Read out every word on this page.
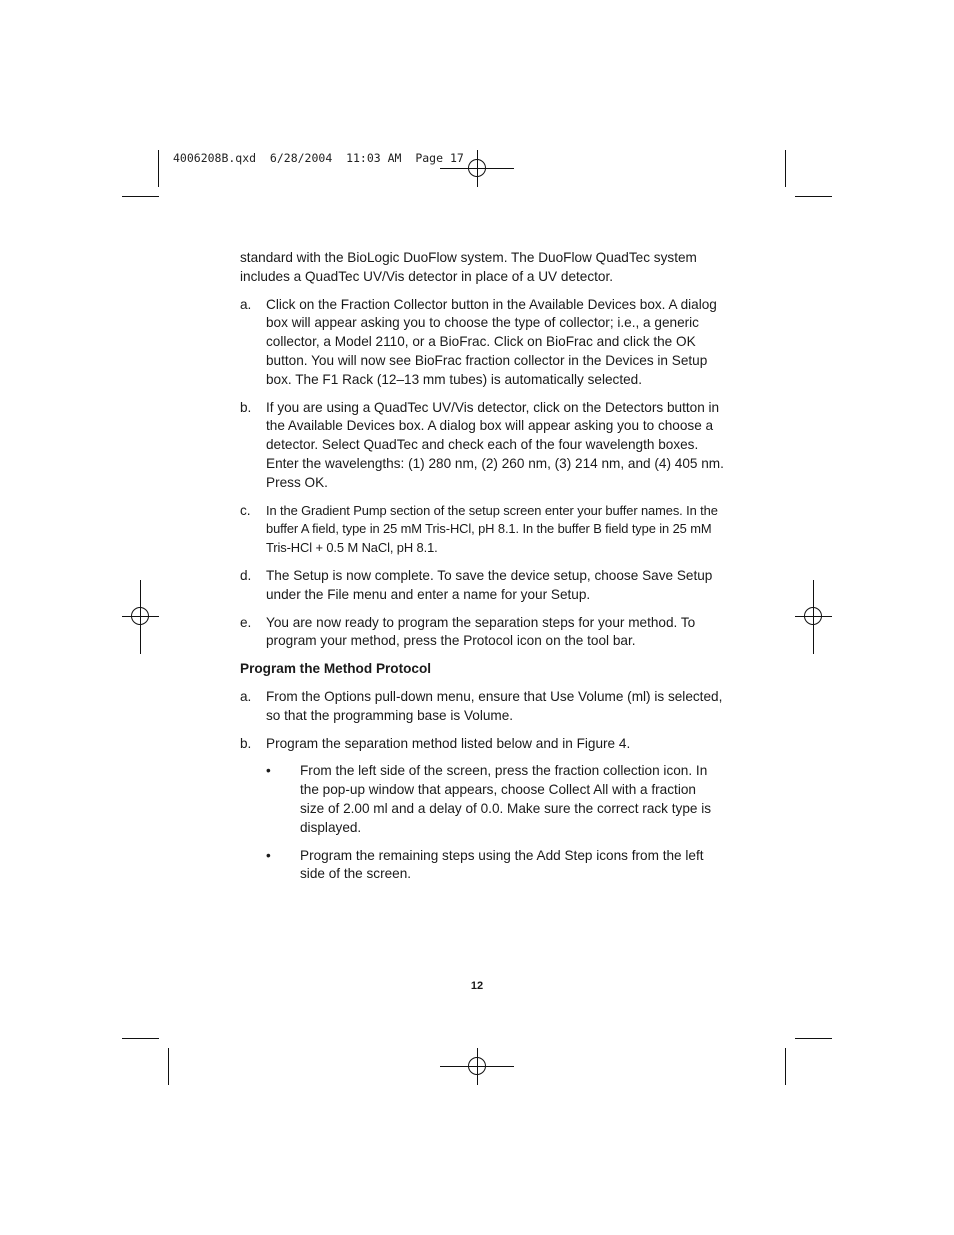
4006208B.qxd  6/28/2004  11:03 AM  Page 17

standard with the BioLogic DuoFlow system. The DuoFlow QuadTec system includes a QuadTec UV/Vis detector in place of a UV detector.

a.	Click on the Fraction Collector button in the Available Devices box. A dialog box will appear asking you to choose the type of collector; i.e., a generic collector, a Model 2110, or a BioFrac. Click on BioFrac and click the OK button. You will now see BioFrac fraction collector in the Devices in Setup box. The F1 Rack (12–13 mm tubes) is automatically selected.
b.	If you are using a QuadTec UV/Vis detector, click on the Detectors button in the Available Devices box. A dialog box will appear asking you to choose a detector. Select QuadTec and check each of the four wavelength boxes. Enter the wavelengths: (1) 280 nm, (2) 260 nm, (3) 214 nm, and (4) 405 nm. Press OK.
c.	In the Gradient Pump section of the setup screen enter your buffer names. In the buffer A field, type in 25 mM Tris-HCl, pH 8.1. In the buffer B field type in 25 mM Tris-HCl + 0.5 M NaCl, pH 8.1.
d.	The Setup is now complete. To save the device setup, choose Save Setup under the File menu and enter a name for your Setup.
e.	You are now ready to program the separation steps for your method. To program your method, press the Protocol icon on the tool bar.
Program the Method Protocol
a.	From the Options pull-down menu, ensure that Use Volume (ml) is selected, so that the programming base is Volume.
b.	Program the separation method listed below and in Figure 4.
•	From the left side of the screen, press the fraction collection icon. In the pop-up window that appears, choose Collect All with a fraction size of 2.00 ml and a delay of 0.0. Make sure the correct rack type is displayed.
•	Program the remaining steps using the Add Step icons from the left side of the screen.
12
